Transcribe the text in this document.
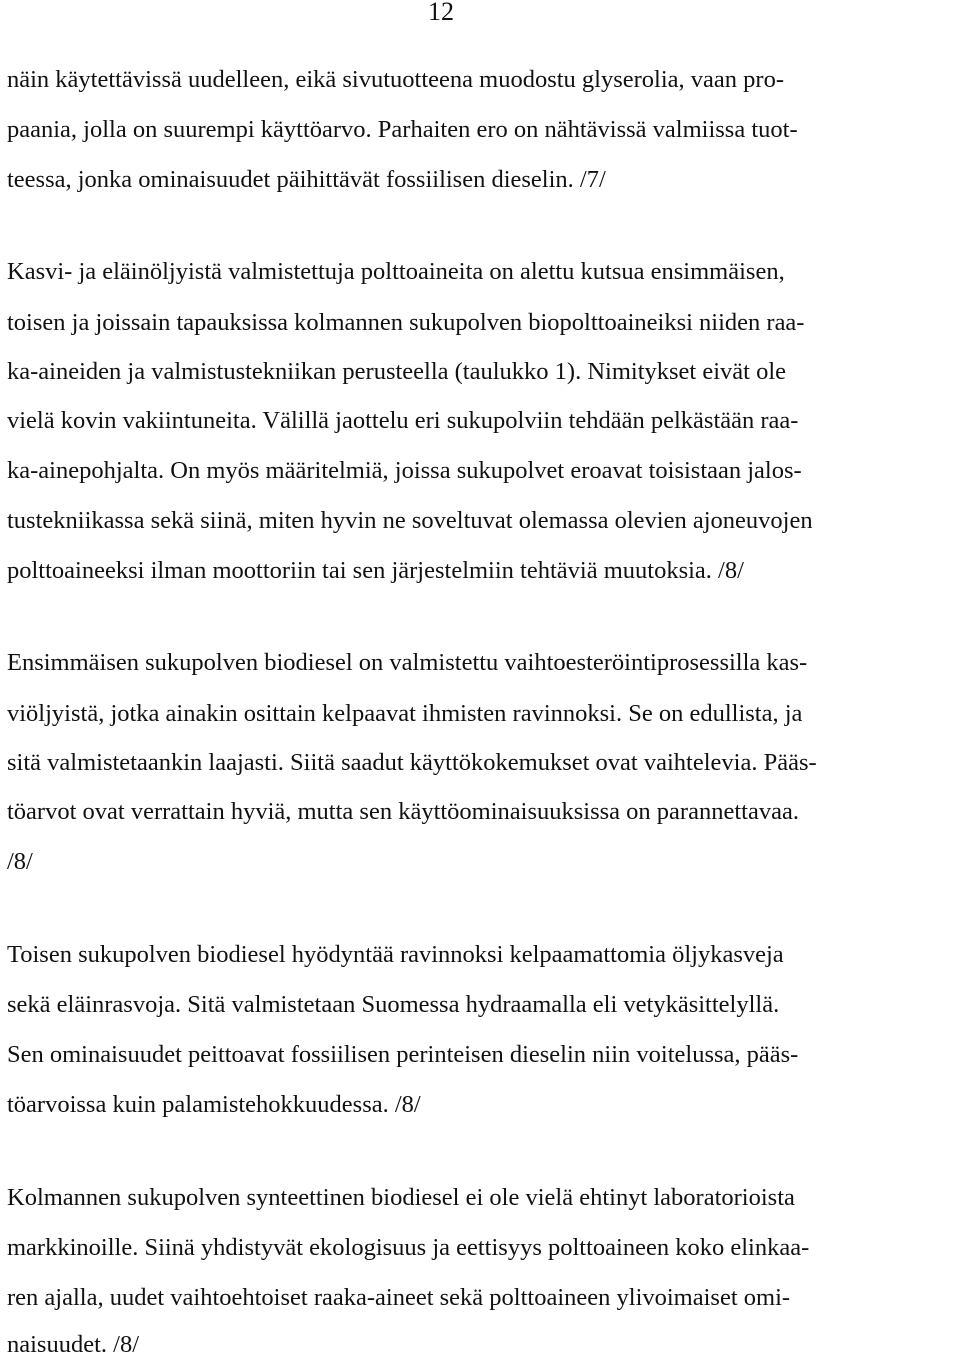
12
näin käytettävissä uudelleen, eikä sivutuotteena muodostu glyserolia, vaan pro-
paania, jolla on suurempi käyttöarvo. Parhaiten ero on nähtävissä valmiissa tuot-
teessa, jonka ominaisuudet päihittävät fossiilisen dieselin. /7/
Kasvi- ja eläinöljyistä valmistettuja polttoaineita on alettu kutsua ensimmäisen,
toisen ja joissain tapauksissa kolmannen sukupolven biopolttoaineiksi niiden raa-
ka-aineiden ja valmistustekniikan perusteella (taulukko 1). Nimitykset eivät ole
vielä kovin vakiintuneita. Välillä jaottelu eri sukupolviin tehdään pelkästään raa-
ka-ainepohjalta. On myös määritelmiä, joissa sukupolvet eroavat toisistaan jalos-
tustekniikassa sekä siinä, miten hyvin ne soveltuvat olemassa olevien ajoneuvojen
polttoaineeksi ilman moottoriin tai sen järjestelmiin tehtäviä muutoksia. /8/
Ensimmäisen sukupolven biodiesel on valmistettu vaihtoesteröintiprosessilla kas-
viöljyistä, jotka ainakin osittain kelpaavat ihmisten ravinnoksi. Se on edullista, ja
sitä valmistetaankin laajasti. Siitä saadut käyttökokemukset ovat vaihtelevia. Pääs-
töarvot ovat verrattain hyviä, mutta sen käyttöominaisuuksissa on parannettavaa.
/8/
Toisen sukupolven biodiesel hyödyntää ravinnoksi kelpaamattomia öljykasveja
sekä eläinrasvoja. Sitä valmistetaan Suomessa hydraamalla eli vetykäsittelyllä.
Sen ominaisuudet peittoavat fossiilisen perinteisen dieselin niin voitelussa, pääs-
töarvoissa kuin palamistehokkuudessa. /8/
Kolmannen sukupolven synteettinen biodiesel ei ole vielä ehtinyt laboratorioista
markkinoille. Siinä yhdistyvät ekologisuus ja eettisyys polttoaineen koko elinkaa-
ren ajalla, uudet vaihtoehtoiset raaka-aineet sekä polttoaineen ylivoimaiset omi-
naisuudet. /8/
